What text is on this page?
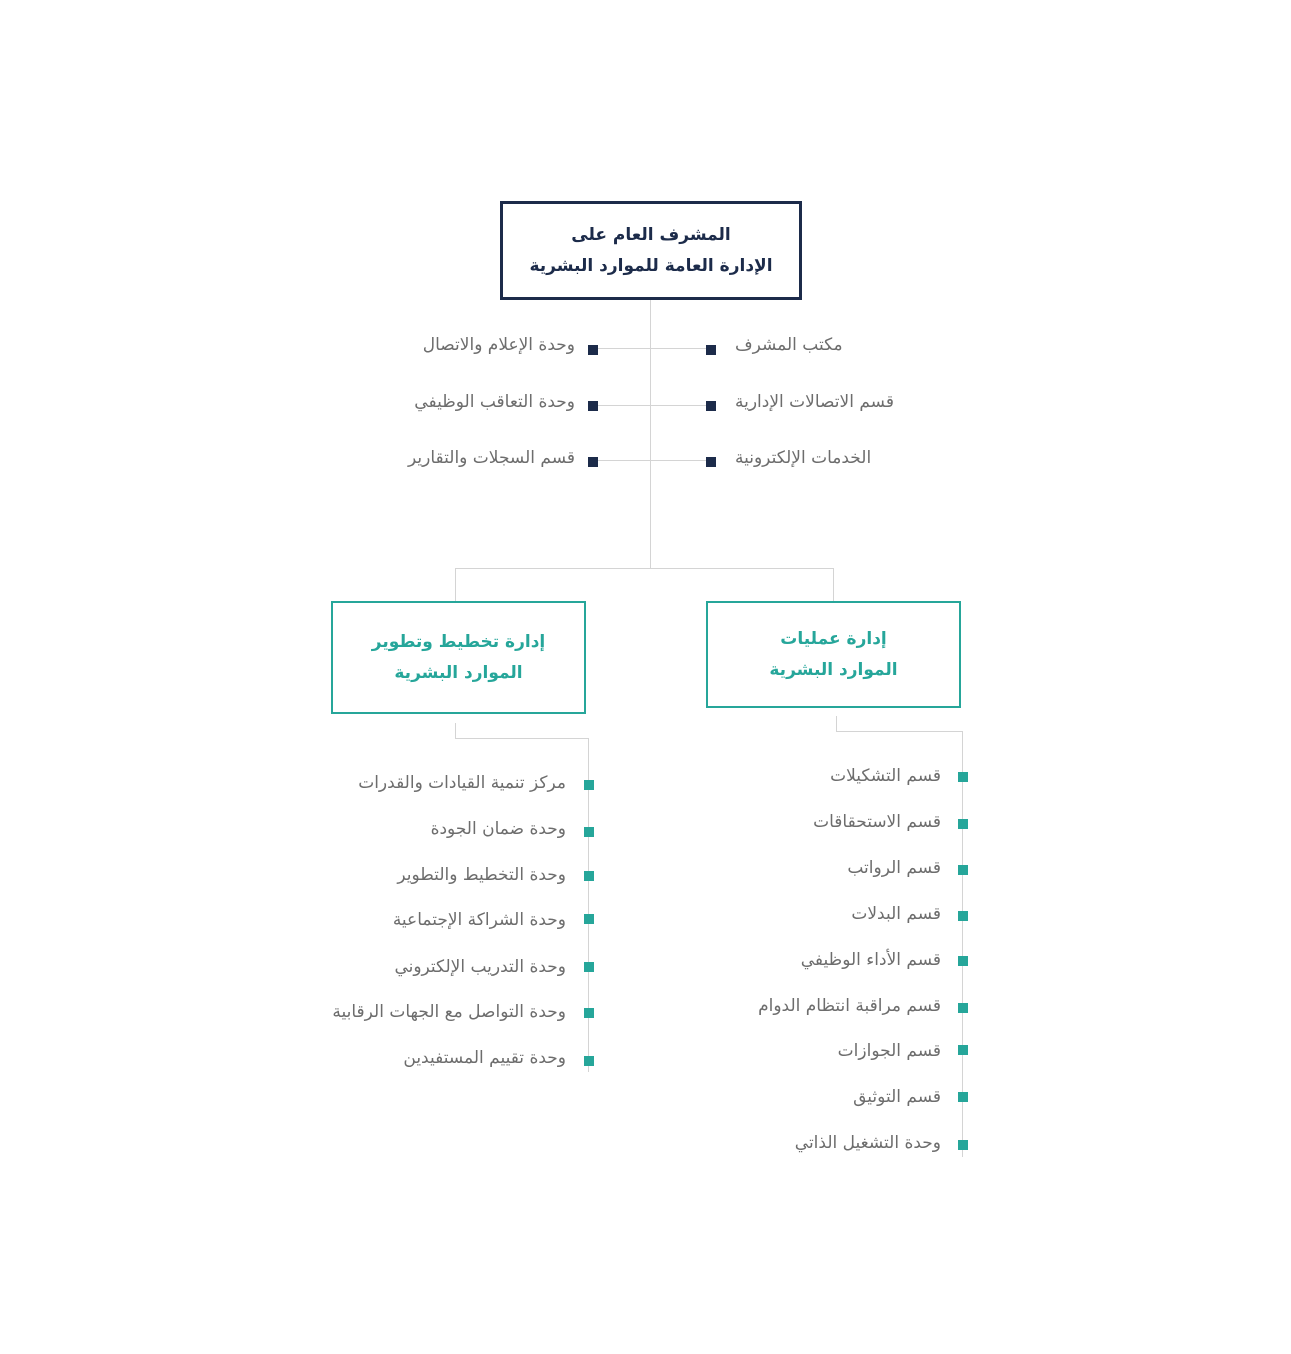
المشرف العام على
الإدارة العامة للموارد البشرية
إدارة عمليات
الموارد البشرية
إدارة تخطيط وتطوير
الموارد البشرية
مكتب المشرف
قسم الاتصالات الإدارية
الخدمات الإلكترونية
وحدة الإعلام والاتصال
وحدة التعاقب الوظيفي
قسم السجلات والتقارير
قسم التشكيلات
قسم الاستحقاقات
قسم الرواتب
قسم البدلات
قسم الأداء الوظيفي
قسم مراقبة انتظام الدوام
قسم الجوازات
قسم التوثيق
وحدة التشغيل الذاتي
مركز تنمية القيادات والقدرات
وحدة ضمان الجودة
وحدة التخطيط والتطوير
وحدة الشراكة الإجتماعية
وحدة التدريب الإلكتروني
وحدة التواصل مع الجهات الرقابية
وحدة تقييم المستفيدين
